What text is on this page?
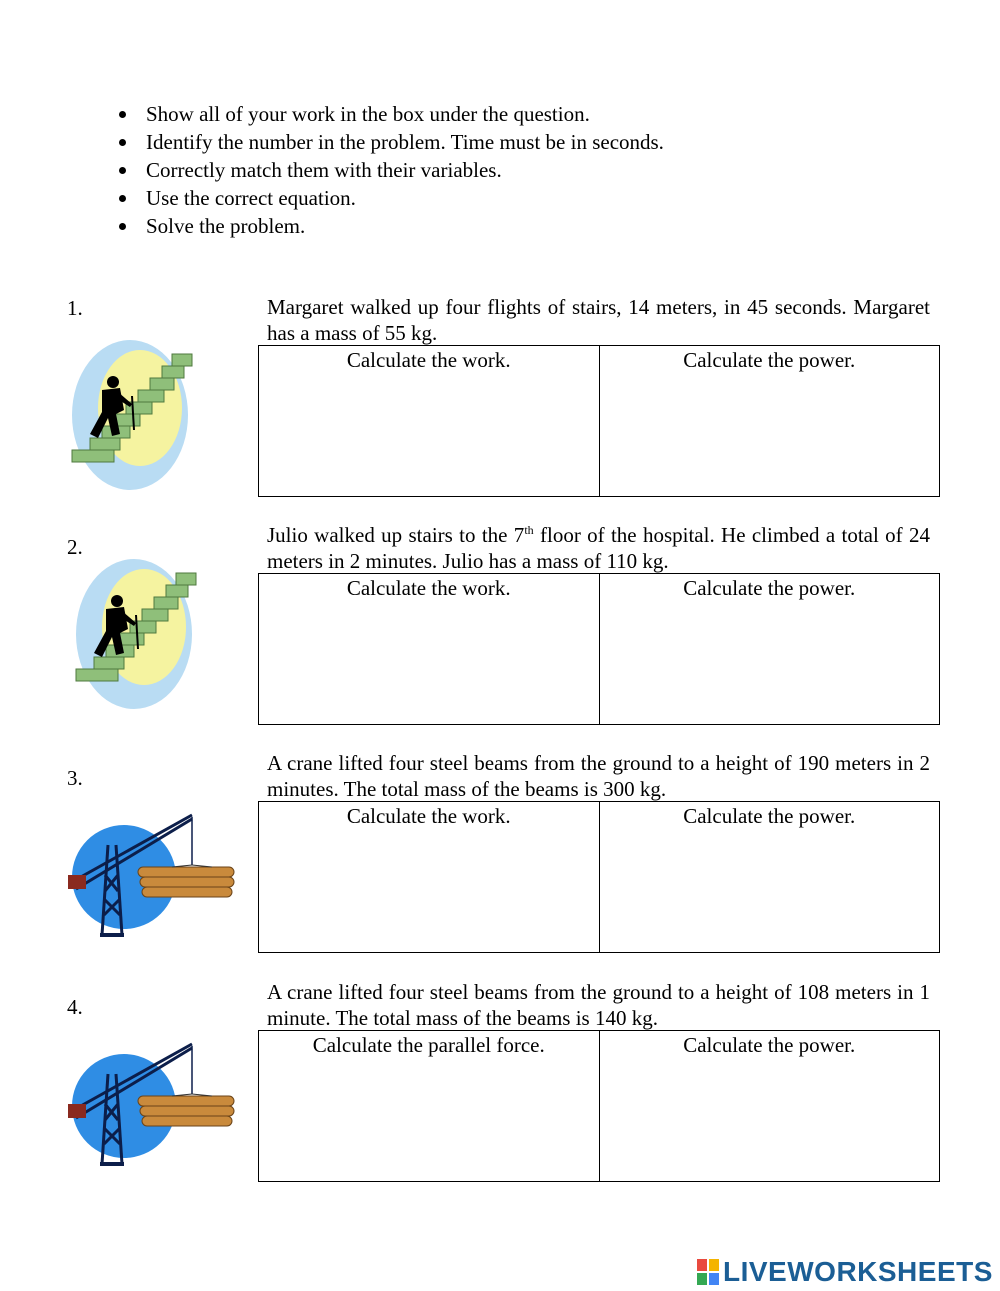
Show all of your work in the box under the question.
Identify the number in the problem. Time must be in seconds.
Correctly match them with their variables.
Use the correct equation.
Solve the problem.
1.	Margaret walked up four flights of stairs, 14 meters, in 45 seconds. Margaret has a mass of 55 kg.

Calculate the work.	Calculate the power.
2.	Julio walked up stairs to the 7th floor of the hospital. He climbed a total of 24 meters in 2 minutes. Julio has a mass of 110 kg.

Calculate the work.	Calculate the power.
3.

A crane lifted four steel beams from the ground to a height of 190 meters in 2 minutes. The total mass of the beams is 300 kg.

Calculate the work.	Calculate the power.
4.

A crane lifted four steel beams from the ground to a height of 108 meters in 1 minute. The total mass of the beams is 140 kg.

Calculate the parallel force.	Calculate the power.
LIVEWORKSHEETS
